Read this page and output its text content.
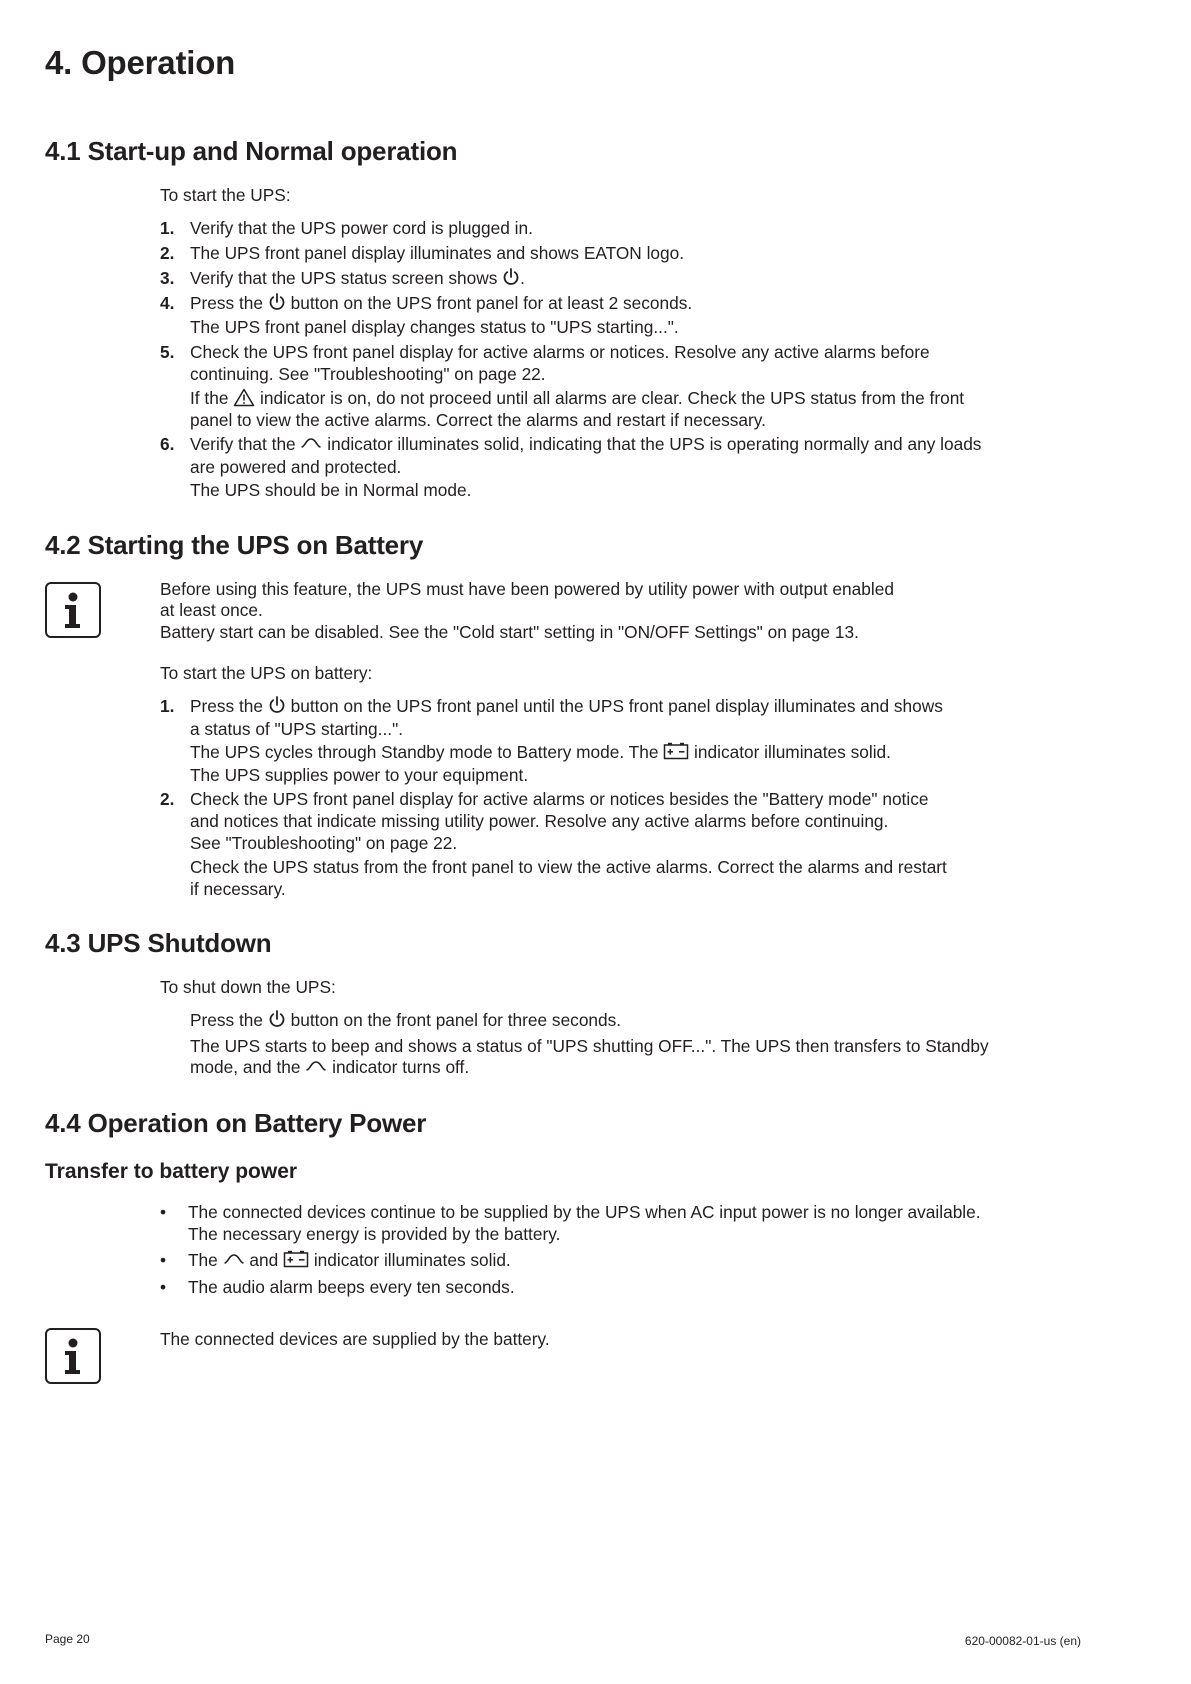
4. Operation
4.1 Start-up and Normal operation
To start the UPS:
1. Verify that the UPS power cord is plugged in.
2. The UPS front panel display illuminates and shows EATON logo.
3. Verify that the UPS status screen shows .
4. Press the  button on the UPS front panel for at least 2 seconds.
The UPS front panel display changes status to "UPS starting...".
5. Check the UPS front panel display for active alarms or notices. Resolve any active alarms before
continuing. See "Troubleshooting" on page 22.
If the  indicator is on, do not proceed until all alarms are clear. Check the UPS status from the front
panel to view the active alarms. Correct the alarms and restart if necessary.
6. Verify that the  indicator illuminates solid, indicating that the UPS is operating normally and any loads
are powered and protected.
The UPS should be in Normal mode.
4.2 Starting the UPS on Battery
Before using this feature, the UPS must have been powered by utility power with output enabled
at least once.
Battery start can be disabled. See the "Cold start" setting in "ON/OFF Settings" on page 13.
To start the UPS on battery:
1. Press the  button on the UPS front panel until the UPS front panel display illuminates and shows
a status of "UPS starting...".
The UPS cycles through Standby mode to Battery mode. The  indicator illuminates solid.
The UPS supplies power to your equipment.
2. Check the UPS front panel display for active alarms or notices besides the "Battery mode" notice
and notices that indicate missing utility power. Resolve any active alarms before continuing.
See "Troubleshooting" on page 22.
Check the UPS status from the front panel to view the active alarms. Correct the alarms and restart
if necessary.
4.3 UPS Shutdown
To shut down the UPS:
Press the  button on the front panel for three seconds.
The UPS starts to beep and shows a status of "UPS shutting OFF...". The UPS then transfers to Standby
mode, and the  indicator turns off.
4.4 Operation on Battery Power
Transfer to battery power
• The connected devices continue to be supplied by the UPS when AC input power is no longer available.
The necessary energy is provided by the battery.
• The  and  indicator illuminates solid.
• The audio alarm beeps every ten seconds.
The connected devices are supplied by the battery.
Page 20	620-00082-01-us (en)
